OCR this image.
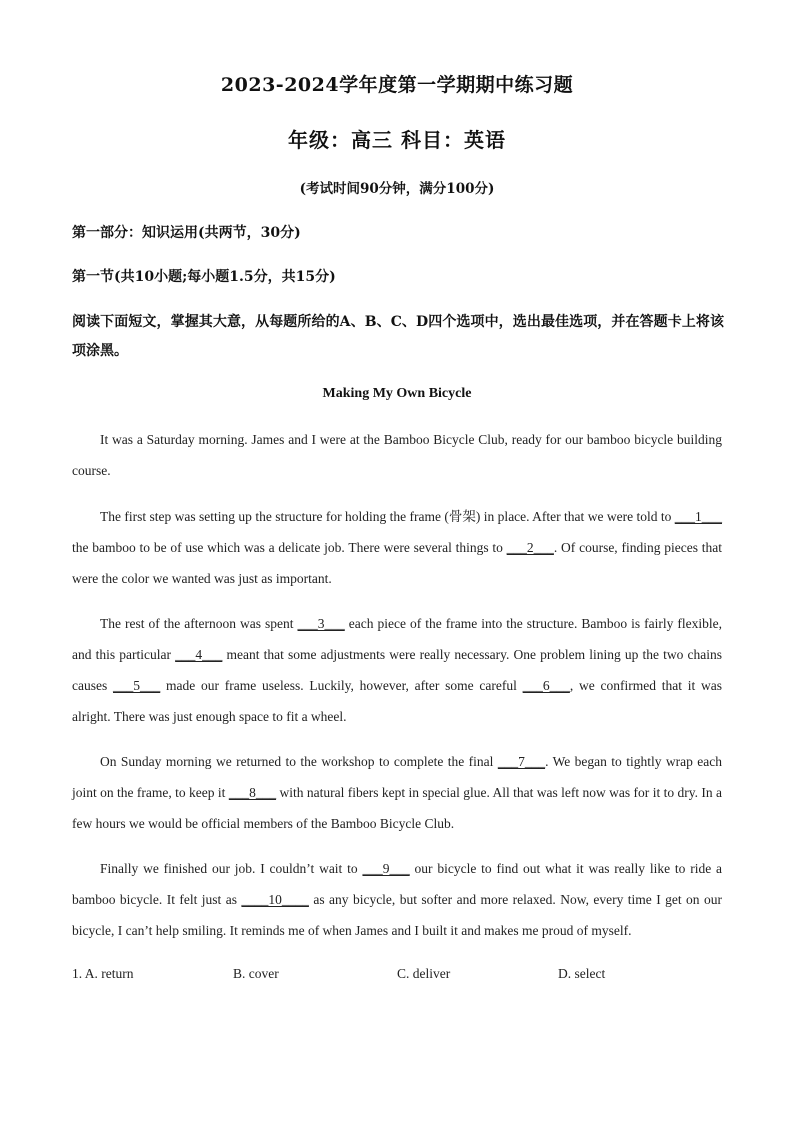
2023-2024学年度第一学期期中练习题
年级：高三 科目：英语
(考试时间90分钟，满分100分)
第一部分：知识运用(共两节，30分)
第一节(共10小题;每小题1.5分，共15分)
阅读下面短文，掌握其大意，从每题所给的A、B、C、D四个选项中，选出最佳选项，并在答题卡上将该项涂黑。
Making My Own Bicycle
It was a Saturday morning. James and I were at the Bamboo Bicycle Club, ready for our bamboo bicycle building course.
The first step was setting up the structure for holding the frame (骨架) in place. After that we were told to ___1___ the bamboo to be of use which was a delicate job. There were several things to ___2___. Of course, finding pieces that were the color we wanted was just as important.
The rest of the afternoon was spent ___3___ each piece of the frame into the structure. Bamboo is fairly flexible, and this particular ___4___ meant that some adjustments were really necessary. One problem lining up the two chains causes ___5___ made our frame useless. Luckily, however, after some careful ___6___, we confirmed that it was alright. There was just enough space to fit a wheel.
On Sunday morning we returned to the workshop to complete the final ___7___. We began to tightly wrap each joint on the frame, to keep it ___8___ with natural fibers kept in special glue. All that was left now was for it to dry. In a few hours we would be official members of the Bamboo Bicycle Club.
Finally we finished our job. I couldn’t wait to ___9___ our bicycle to find out what it was really like to ride a bamboo bicycle. It felt just as ____10____ as any bicycle, but softer and more relaxed. Now, every time I get on our bicycle, I can’t help smiling. It reminds me of when James and I built it and makes me proud of myself.
1. A. return	B. cover	C. deliver	D. select
